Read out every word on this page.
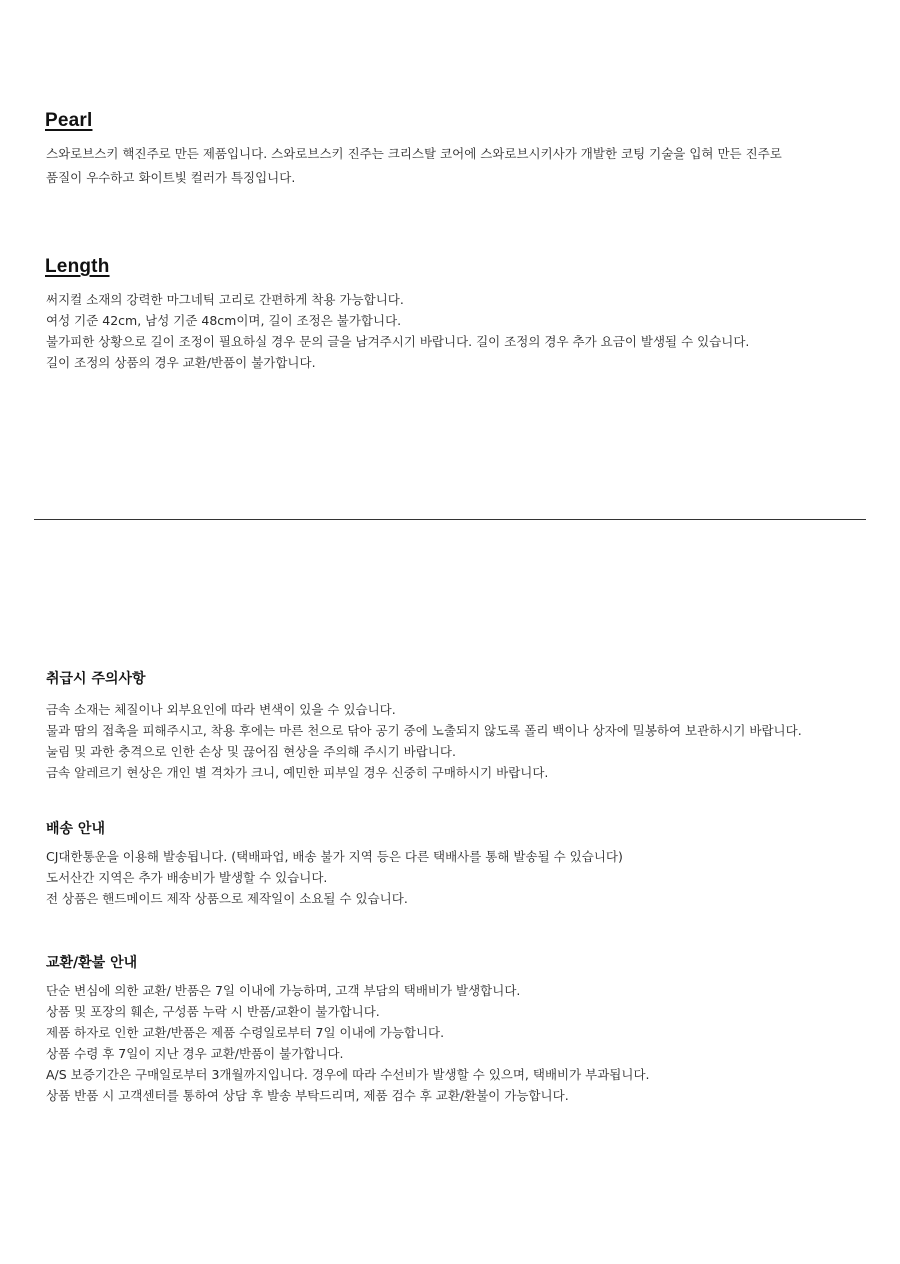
Pearl

스와로브스키 핵진주로 만든 제품입니다. 스와로브스키 진주는 크리스탈 코어에 스와로브시키사가 개발한 코팅 기술을 입혀 만든 진주로

품질이 우수하고 화이트빛 컬러가 특징입니다.

Length

써지컬 소재의 강력한 마그네틱 고리로 간편하게 착용 가능합니다.

여성 기준 42cm, 남성 기준 48cm이며, 길이 조정은 불가합니다.

불가피한 상황으로 길이 조정이 필요하실 경우 문의 글을 남겨주시기 바랍니다. 길이 조정의 경우 추가 요금이 발생될 수 있습니다.

길이 조정의 상품의 경우 교환/반품이 불가합니다.

취급시 주의사항

금속 소재는 체질이나 외부요인에 따라 변색이 있을 수 있습니다.

물과 땀의 접촉을 피해주시고, 착용 후에는 마른 천으로 닦아 공기 중에 노출되지 않도록 폴리 백이나 상자에 밀봉하여 보관하시기 바랍니다.

눌림 및 과한 충격으로 인한 손상 및 끊어짐 현상을 주의해 주시기 바랍니다.

금속 알레르기 현상은 개인 별 격차가 크니, 예민한 피부일 경우 신중히 구매하시기 바랍니다.

배송 안내

CJ대한통운을 이용해 발송됩니다. (택배파업, 배송 불가 지역 등은 다른 택배사를 통해 발송될 수 있습니다)

도서산간 지역은 추가 배송비가 발생할 수 있습니다.

전 상품은 핸드메이드 제작 상품으로 제작일이 소요될 수 있습니다.

교환/환불 안내

단순 변심에 의한 교환/ 반품은 7일 이내에 가능하며, 고객 부담의 택배비가 발생합니다.

상품 및 포장의 훼손, 구성품 누락 시 반품/교환이 불가합니다.

제품 하자로 인한 교환/반품은 제품 수령일로부터 7일 이내에 가능합니다.

상품 수령 후 7일이 지난 경우 교환/반품이 불가합니다.

A/S 보증기간은 구매일로부터 3개월까지입니다. 경우에 따라 수선비가 발생할 수 있으며, 택배비가 부과됩니다.

상품 반품 시 고객센터를 통하여 상담 후 발송 부탁드리며, 제품 검수 후 교환/환불이 가능합니다.
